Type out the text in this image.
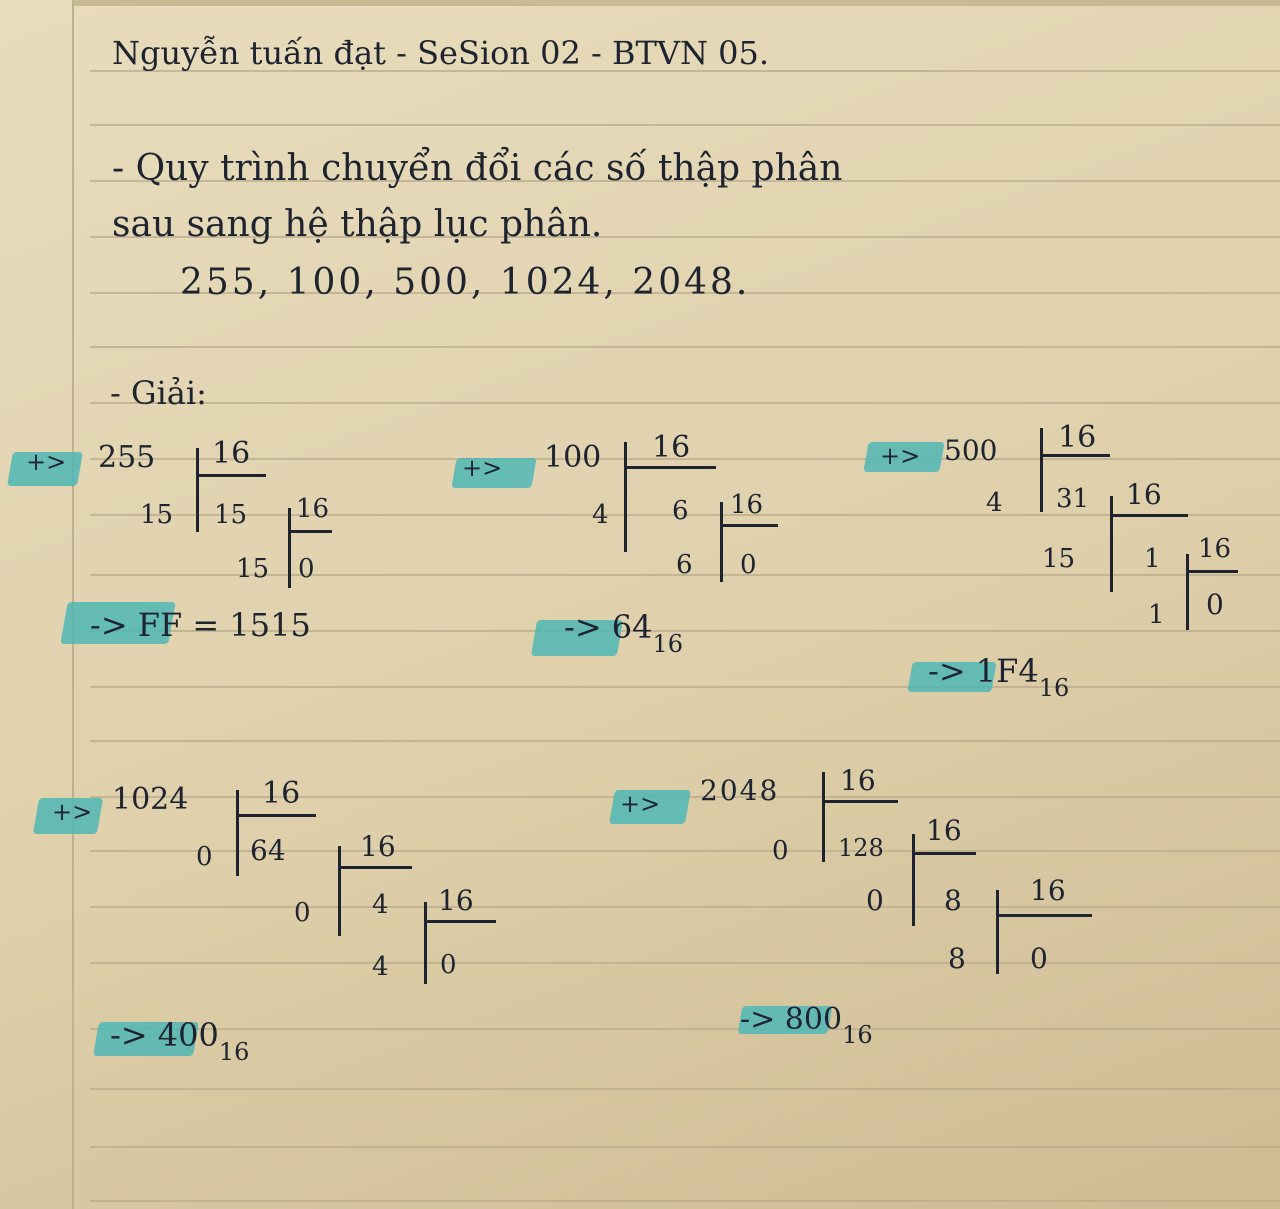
Nguyễn tuấn đạt - SeSion 02 - BTVN 05.
- Quy trình chuyển đổi các số thập phân
sau sang hệ thập lục phân.
255, 100, 500, 1024, 2048.
- Giải:
+> 255 16
15 15 16
15 0
-> FF = 1515
+> 100 16
4 6 16
6 0
-> $64_{16}$
+> 500 16
4 31 16
15	1 16
1 0
-> $1F4_{16}$
+> 1024 16
0 64	16
0 4 16
4 0
-> $400_{16}$
+> 2048 16
0 128
16
0 8 16
8 0
-> $800_{16}$
